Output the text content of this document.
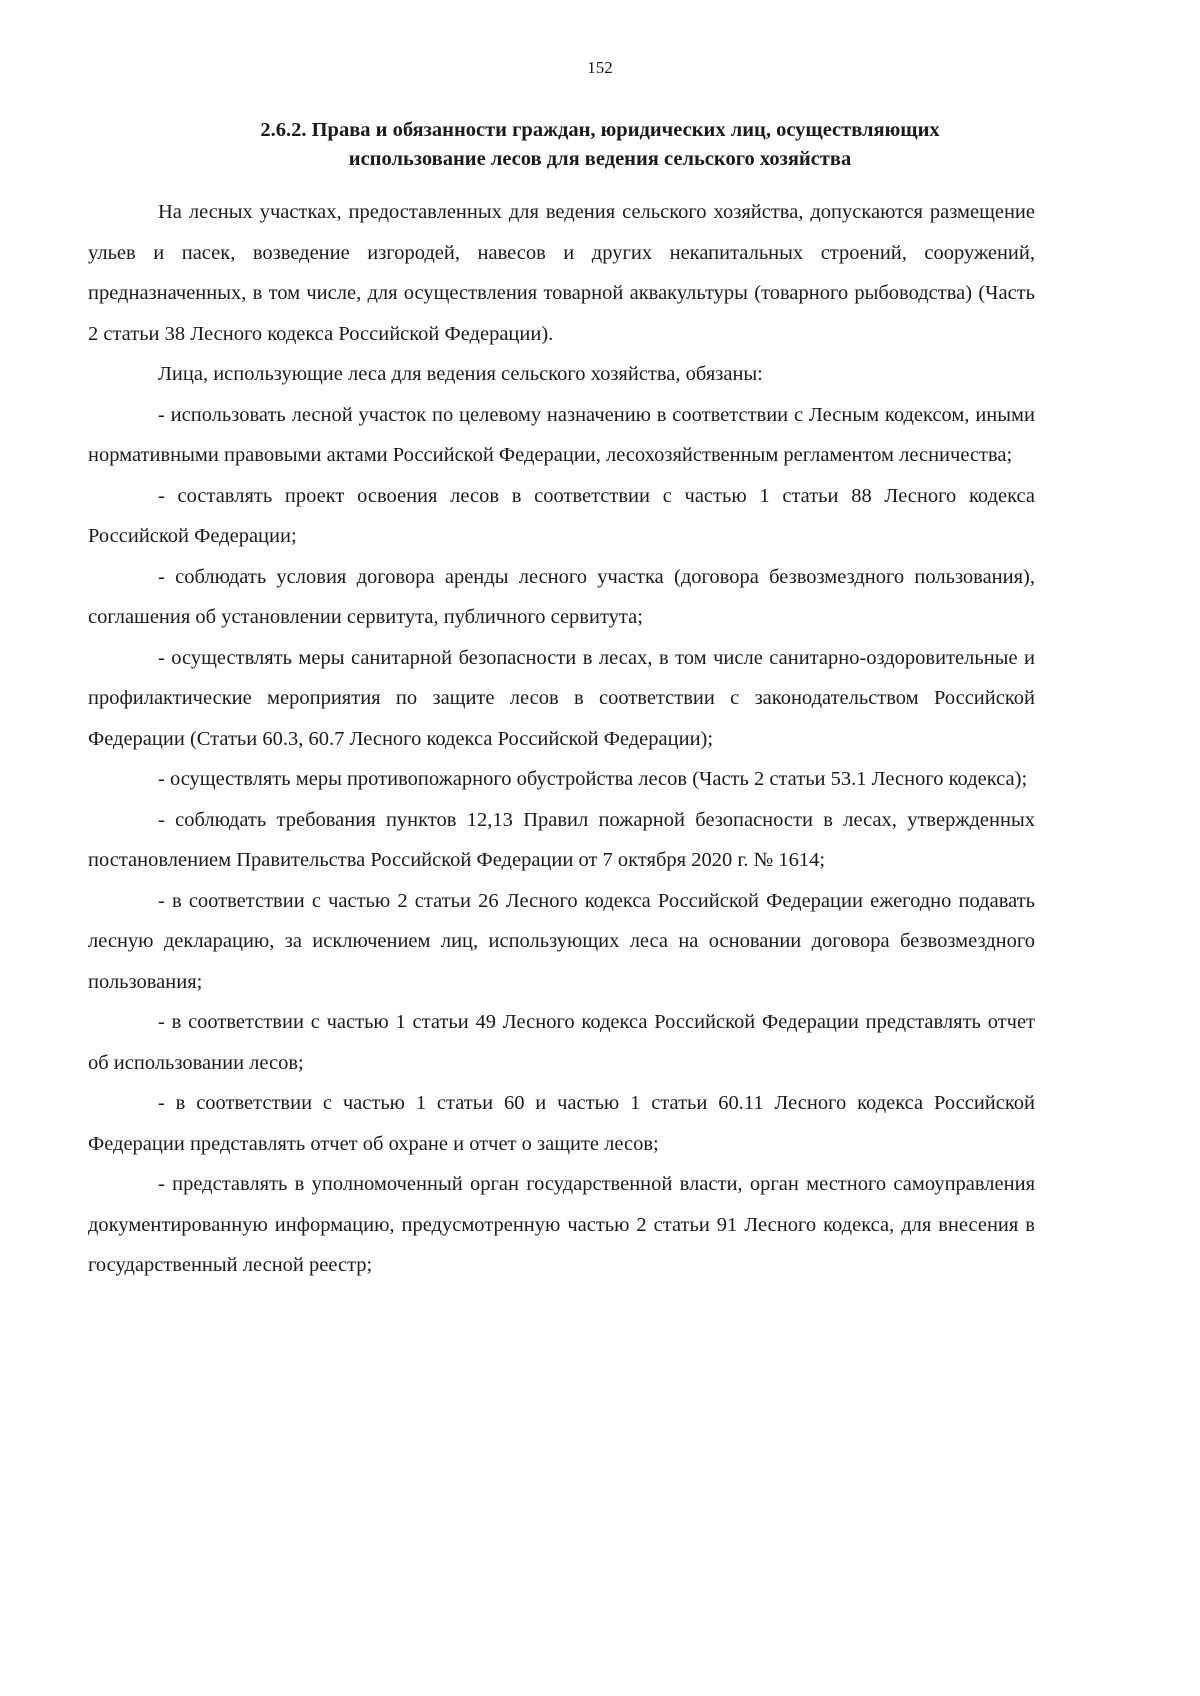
152
2.6.2. Права и обязанности граждан, юридических лиц, осуществляющих
использование лесов для ведения сельского хозяйства

На лесных участках, предоставленных для ведения сельского хозяйства, допускаются размещение ульев и пасек, возведение изгородей, навесов и других некапитальных строений, сооружений, предназначенных, в том числе, для осуществления товарной аквакультуры (товарного рыбоводства) (Часть 2 статьи 38 Лесного кодекса Российской Федерации).

Лица, использующие леса для ведения сельского хозяйства, обязаны:

- использовать лесной участок по целевому назначению в соответствии с Лесным кодексом, иными нормативными правовыми актами Российской Федерации, лесохозяйственным регламентом лесничества;

- составлять проект освоения лесов в соответствии с частью 1 статьи 88 Лесного кодекса Российской Федерации;

- соблюдать условия договора аренды лесного участка (договора безвозмездного пользования), соглашения об установлении сервитута, публичного сервитута;

- осуществлять меры санитарной безопасности в лесах, в том числе санитарно-оздоровительные и профилактические мероприятия по защите лесов в соответствии с законодательством Российской Федерации (Статьи 60.3, 60.7 Лесного кодекса Российской Федерации);

- осуществлять меры противопожарного обустройства лесов (Часть 2 статьи 53.1 Лесного кодекса);

- соблюдать требования пунктов 12,13 Правил пожарной безопасности в лесах, утвержденных постановлением Правительства Российской Федерации от 7 октября 2020 г. № 1614;

- в соответствии с частью 2 статьи 26 Лесного кодекса Российской Федерации ежегодно подавать лесную декларацию, за исключением лиц, использующих леса на основании договора безвозмездного пользования;

- в соответствии с частью 1 статьи 49 Лесного кодекса Российской Федерации представлять отчет об использовании лесов;

- в соответствии с частью 1 статьи 60 и частью 1 статьи 60.11 Лесного кодекса Российской Федерации представлять отчет об охране и отчет о защите лесов;

- представлять в уполномоченный орган государственной власти, орган местного самоуправления документированную информацию, предусмотренную частью 2 статьи 91 Лесного кодекса, для внесения в государственный лесной реестр;
